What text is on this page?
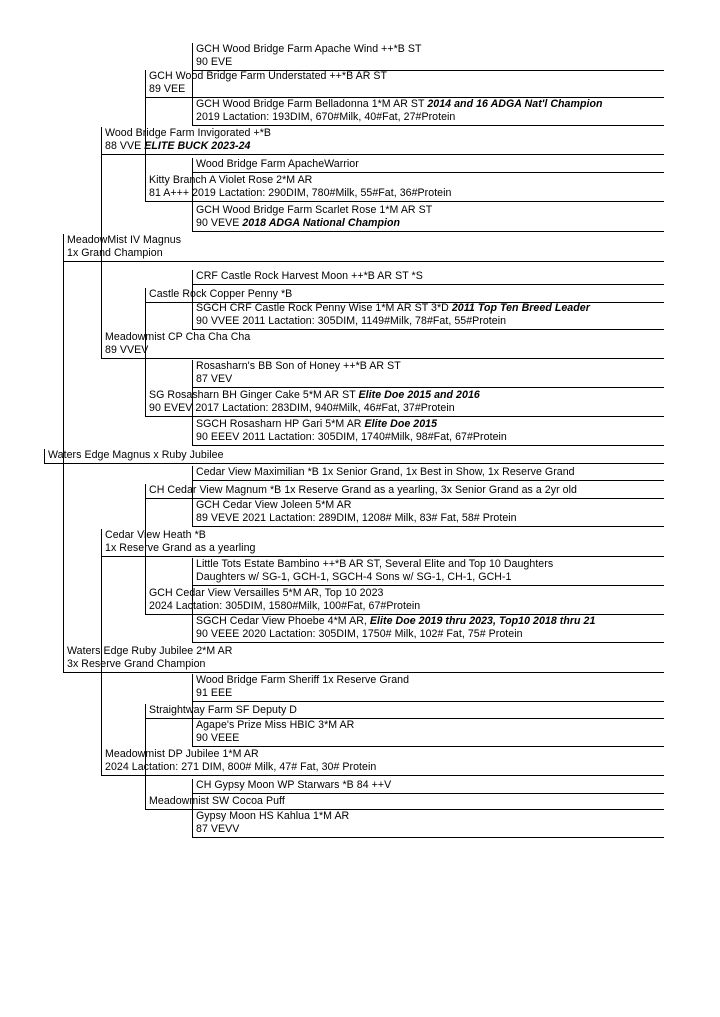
GCH Wood Bridge Farm Apache Wind ++*B ST
90 EVE
GCH Wood Bridge Farm Understated ++*B AR ST
89 VEE
GCH Wood Bridge Farm Belladonna 1*M AR ST 2014 and 16 ADGA Nat'l Champion
2019 Lactation: 193DIM, 670#Milk, 40#Fat, 27#Protein
Wood Bridge Farm Invigorated +*B
88 VVE ELITE BUCK 2023-24
Wood Bridge Farm ApacheWarrior
Kitty Branch A Violet Rose 2*M AR
81 A+++ 2019 Lactation: 290DIM, 780#Milk, 55#Fat, 36#Protein
GCH Wood Bridge Farm Scarlet Rose 1*M AR ST
90 VEVE 2018 ADGA National Champion
MeadowMist IV Magnus
1x Grand Champion
CRF Castle Rock Harvest Moon ++*B AR ST *S
Castle Rock Copper Penny *B
SGCH CRF Castle Rock Penny Wise 1*M AR ST 3*D 2011 Top Ten Breed Leader
90 VVEE 2011 Lactation: 305DIM, 1149#Milk, 78#Fat, 55#Protein
Meadowmist CP Cha Cha Cha
89 VVEV
Rosasharn's BB Son of Honey ++*B AR ST
87 VEV
SG Rosasharn BH Ginger Cake 5*M AR ST Elite Doe 2015 and 2016
90 EVEV 2017 Lactation: 283DIM, 940#Milk, 46#Fat, 37#Protein
SGCH Rosasharn HP Gari 5*M AR Elite Doe 2015
90 EEEV 2011 Lactation: 305DIM, 1740#Milk, 98#Fat, 67#Protein
Waters Edge Magnus x Ruby Jubilee
Cedar View Maximilian *B 1x Senior Grand, 1x Best in Show, 1x Reserve Grand
CH Cedar View Magnum *B 1x Reserve Grand as a yearling, 3x Senior Grand as a 2yr old
GCH Cedar View Joleen 5*M AR
89 VEVE 2021 Lactation: 289DIM, 1208# Milk, 83# Fat, 58# Protein
Cedar View Heath *B
1x Reserve Grand as a yearling
Little Tots Estate Bambino ++*B AR ST, Several Elite and Top 10 Daughters
Daughters w/ SG-1, GCH-1, SGCH-4 Sons w/ SG-1, CH-1, GCH-1
GCH Cedar View Versailles 5*M AR, Top 10 2023
2024 Lactation: 305DIM, 1580#Milk, 100#Fat, 67#Protein
SGCH Cedar View Phoebe 4*M AR, Elite Doe 2019 thru 2023, Top10 2018 thru 21
90 VEEE 2020 Lactation: 305DIM, 1750# Milk, 102# Fat, 75# Protein
Waters Edge Ruby Jubilee 2*M AR
3x Reserve Grand Champion
Wood Bridge Farm Sheriff 1x Reserve Grand
91 EEE
Straightway Farm SF Deputy D
Agape's Prize Miss HBIC 3*M AR
90 VEEE
Meadowmist DP Jubilee 1*M AR
2024 Lactation: 271 DIM, 800# Milk, 47# Fat, 30# Protein
CH Gypsy Moon WP Starwars *B 84 ++V
Meadowmist SW Cocoa Puff
Gypsy Moon HS Kahlua 1*M AR
87 VEVV
